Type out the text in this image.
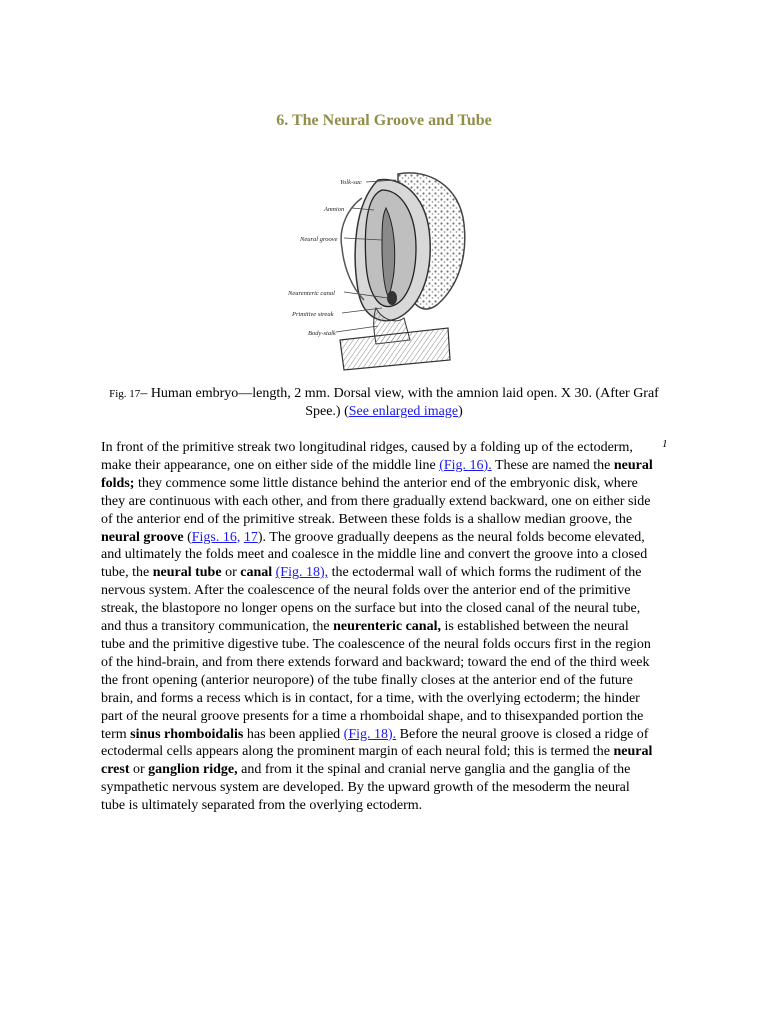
6. The Neural Groove and Tube
Yolk-sac
Amnion
Neural groove
Neurenteric canal
Primitive streak
Body-stalk
Fig. 17– Human embryo—length, 2 mm. Dorsal view, with the amnion laid open. X 30. (After Graf Spee.) (See enlarged image)
1
In front of the primitive streak two longitudinal ridges, caused by a folding up of the ectoderm, make their appearance, one on either side of the middle line (Fig. 16). These are named the neural folds; they commence some little distance behind the anterior end of the embryonic disk, where they are continuous with each other, and from there gradually extend backward, one on either side of the anterior end of the primitive streak. Between these folds is a shallow median groove, the neural groove (Figs. 16, 17). The groove gradually deepens as the neural folds become elevated, and ultimately the folds meet and coalesce in the middle line and convert the groove into a closed tube, the neural tube or canal (Fig. 18), the ectodermal wall of which forms the rudiment of the nervous system. After the coalescence of the neural folds over the anterior end of the primitive streak, the blastopore no longer opens on the surface but into the closed canal of the neural tube, and thus a transitory communication, the neurenteric canal, is established between the neural tube and the primitive digestive tube. The coalescence of the neural folds occurs first in the region of the hind-brain, and from there extends forward and backward; toward the end of the third week the front opening (anterior neuropore) of the tube finally closes at the anterior end of the future brain, and forms a recess which is in contact, for a time, with the overlying ectoderm; the hinder part of the neural groove presents for a time a rhomboidal shape, and to thisexpanded portion the term sinus rhomboidalis has been applied (Fig. 18). Before the neural groove is closed a ridge of ectodermal cells appears along the prominent margin of each neural fold; this is termed the neural crest or ganglion ridge, and from it the spinal and cranial nerve ganglia and the ganglia of the sympathetic nervous system are developed. By the upward growth of the mesoderm the neural tube is ultimately separated from the overlying ectoderm.
